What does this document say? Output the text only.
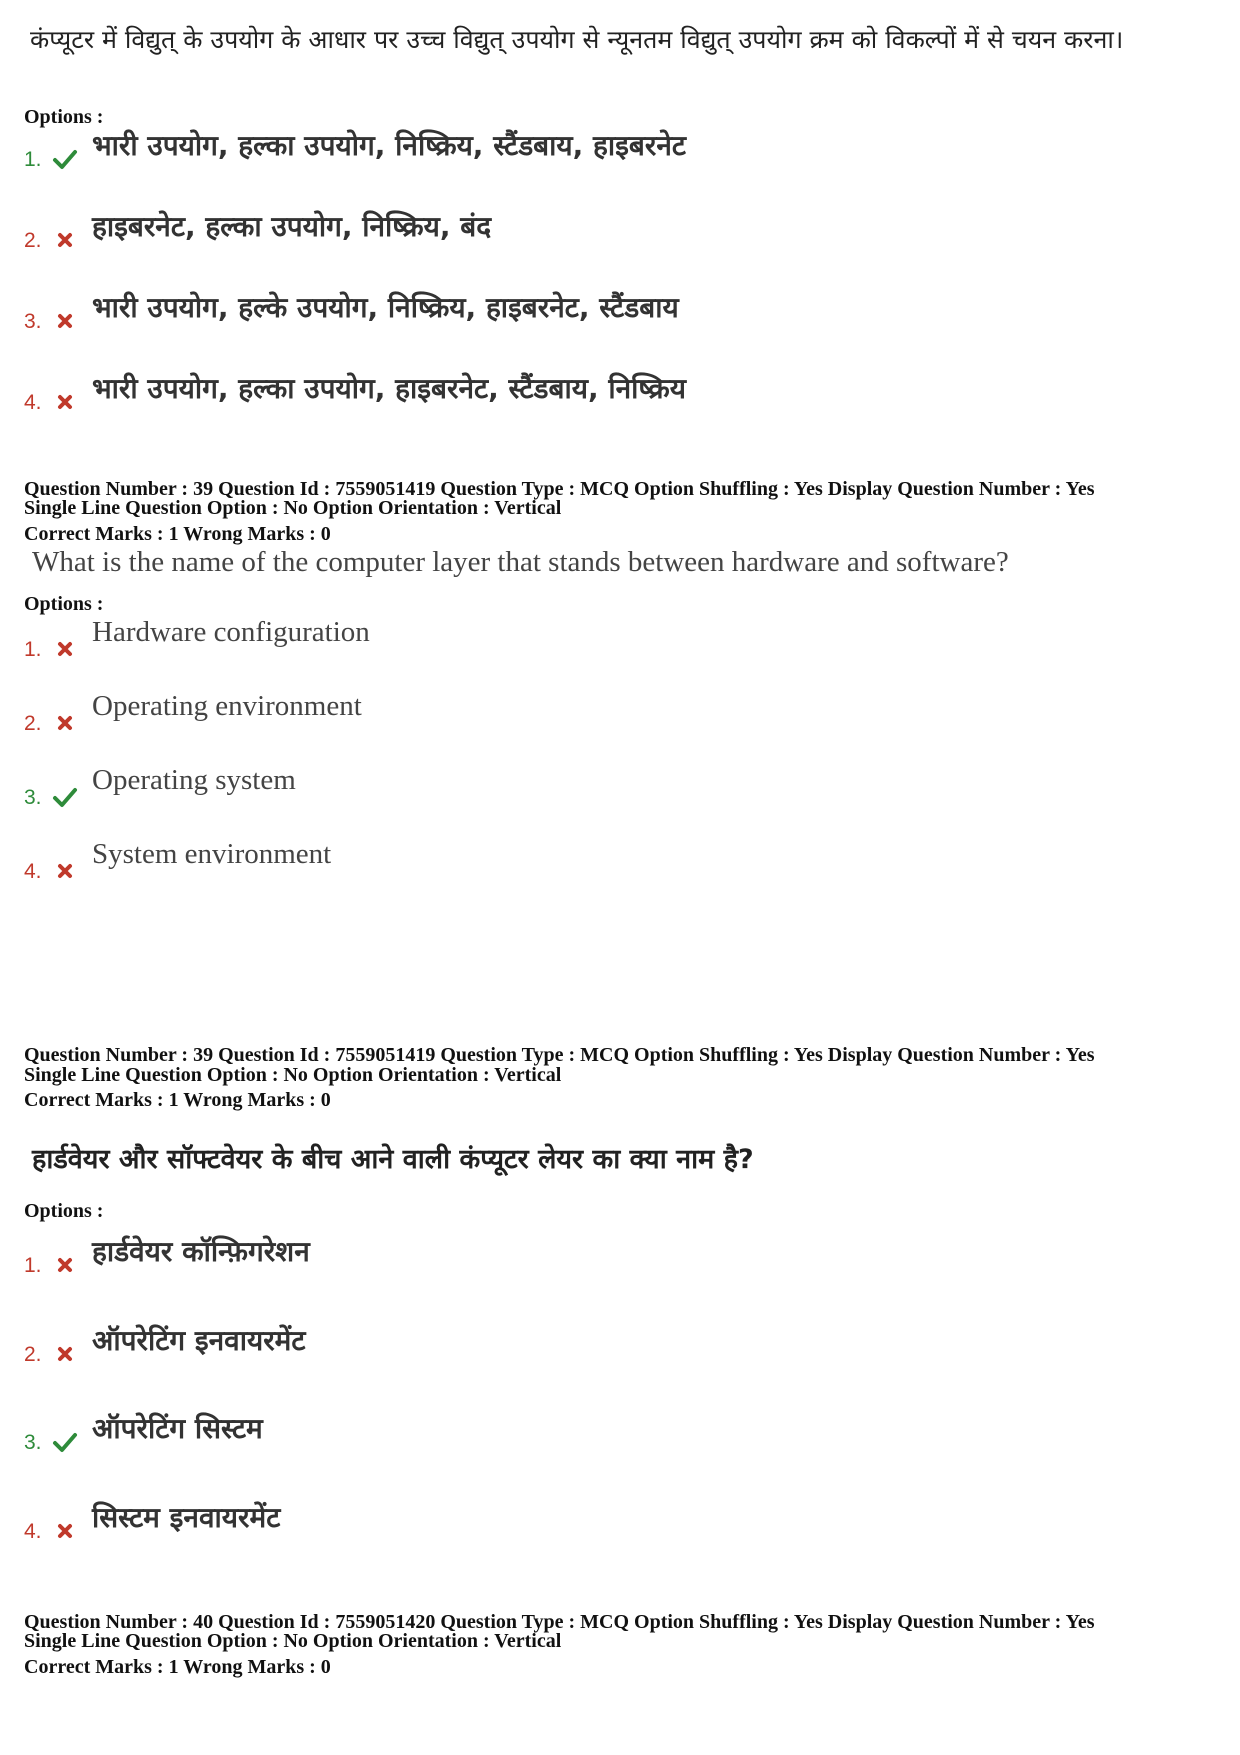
कंप्यूटर में विद्युत् के उपयोग के आधार पर उच्च विद्युत् उपयोग से न्यूनतम विद्युत् उपयोग क्रम को विकल्पों में से चयन करना।
Options :
1. भारी उपयोग, हल्का उपयोग, निष्क्रिय, स्टैंडबाय, हाइबरनेट
2. हाइबरनेट, हल्का उपयोग, निष्क्रिय, बंद
3. भारी उपयोग, हल्के उपयोग, निष्क्रिय, हाइबरनेट, स्टैंडबाय
4. भारी उपयोग, हल्का उपयोग, हाइबरनेट, स्टैंडबाय, निष्क्रिय
Question Number : 39 Question Id : 7559051419 Question Type : MCQ Option Shuffling : Yes Display Question Number : Yes
Single Line Question Option : No Option Orientation : Vertical
Correct Marks : 1 Wrong Marks : 0
What is the name of the computer layer that stands between hardware and software?
Options :
1.
Hardware configuration
2.
Operating environment
3.
Operating system
4.
System environment
Question Number : 39 Question Id : 7559051419 Question Type : MCQ Option Shuffling : Yes Display Question Number : Yes
Single Line Question Option : No Option Orientation : Vertical
Correct Marks : 1 Wrong Marks : 0
हार्डवेयर और सॉफ्टवेयर के बीच आने वाली कंप्यूटर लेयर का क्या नाम है?
Options :
1. हार्डवेयर कॉन्फ़िगरेशन
2. ऑपरेटिंग इनवायरमेंट
3. ऑपरेटिंग सिस्टम
4. सिस्टम इनवायरमेंट
Question Number : 40 Question Id : 7559051420 Question Type : MCQ Option Shuffling : Yes Display Question Number : Yes
Single Line Question Option : No Option Orientation : Vertical
Correct Marks : 1 Wrong Marks : 0
